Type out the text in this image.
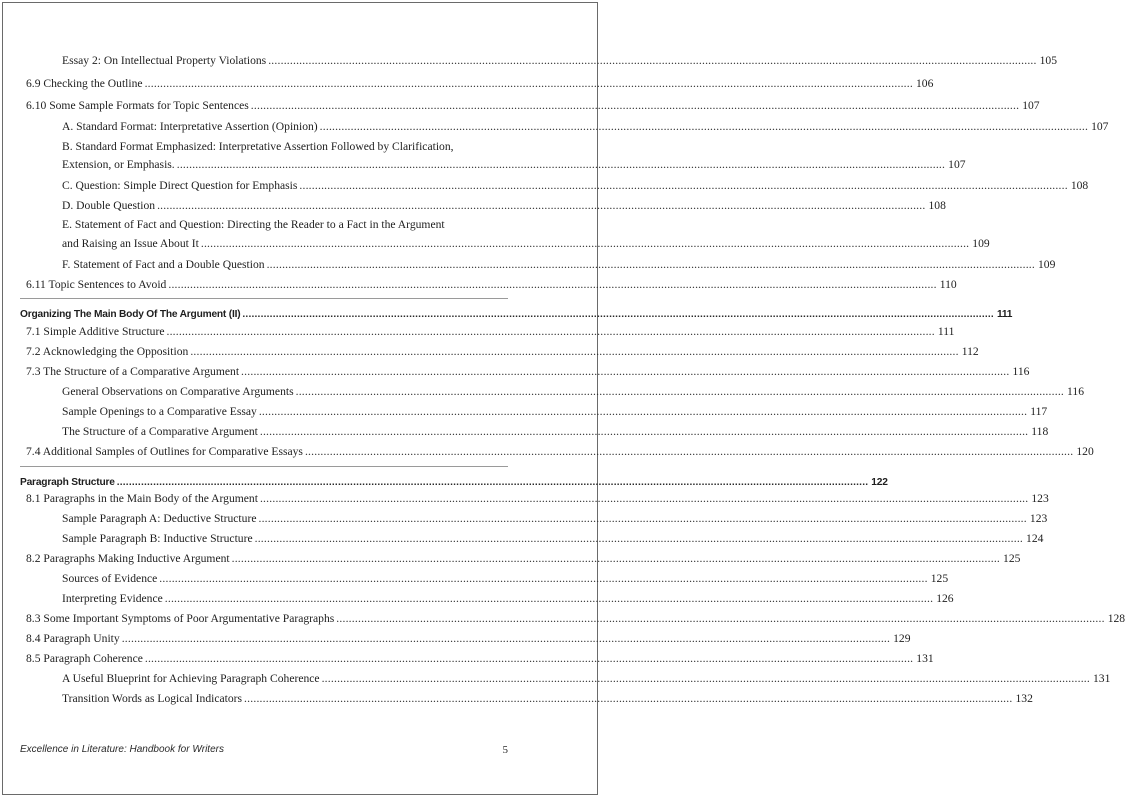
Essay 2: On Intellectual Property Violations .....	105
6.9 Checking the Outline .....	106
6.10 Some Sample Formats for Topic Sentences .....	107
A. Standard Format: Interpretative Assertion (Opinion) .....	107
B. Standard Format Emphasized: Interpretative Assertion Followed by Clarification,
Extension, or Emphasis. .....	107
C. Question: Simple Direct Question for Emphasis .....	108
D. Double Question .....	108
E. Statement of Fact and Question: Directing the Reader to a Fact in the Argument
and Raising an Issue About It .....	109
F. Statement of Fact and a Double Question .....	109
6.11 Topic Sentences to Avoid .....	110
Organizing The Main Body Of The Argument (II) .....	111
7.1 Simple Additive Structure .....	111
7.2 Acknowledging the Opposition .....	112
7.3 The Structure of a Comparative Argument .....	116
General Observations on Comparative Arguments .....	116
Sample Openings to a Comparative Essay .....	117
The Structure of a Comparative Argument .....	118
7.4 Additional Samples of Outlines for Comparative Essays .....	120
Paragraph Structure .....	122
8.1 Paragraphs in the Main Body of the Argument .....	123
Sample Paragraph A: Deductive Structure .....	123
Sample Paragraph B: Inductive Structure .....	124
8.2 Paragraphs Making Inductive Argument .....	125
Sources of Evidence .....	125
Interpreting Evidence .....	126
8.3 Some Important Symptoms of Poor Argumentative Paragraphs .....	128
8.4 Paragraph Unity .....	129
8.5 Paragraph Coherence .....	131
A Useful Blueprint for Achieving Paragraph Coherence .....	131
Transition Words as Logical Indicators .....	132
Excellence in Literature: Handbook for Writers	5
